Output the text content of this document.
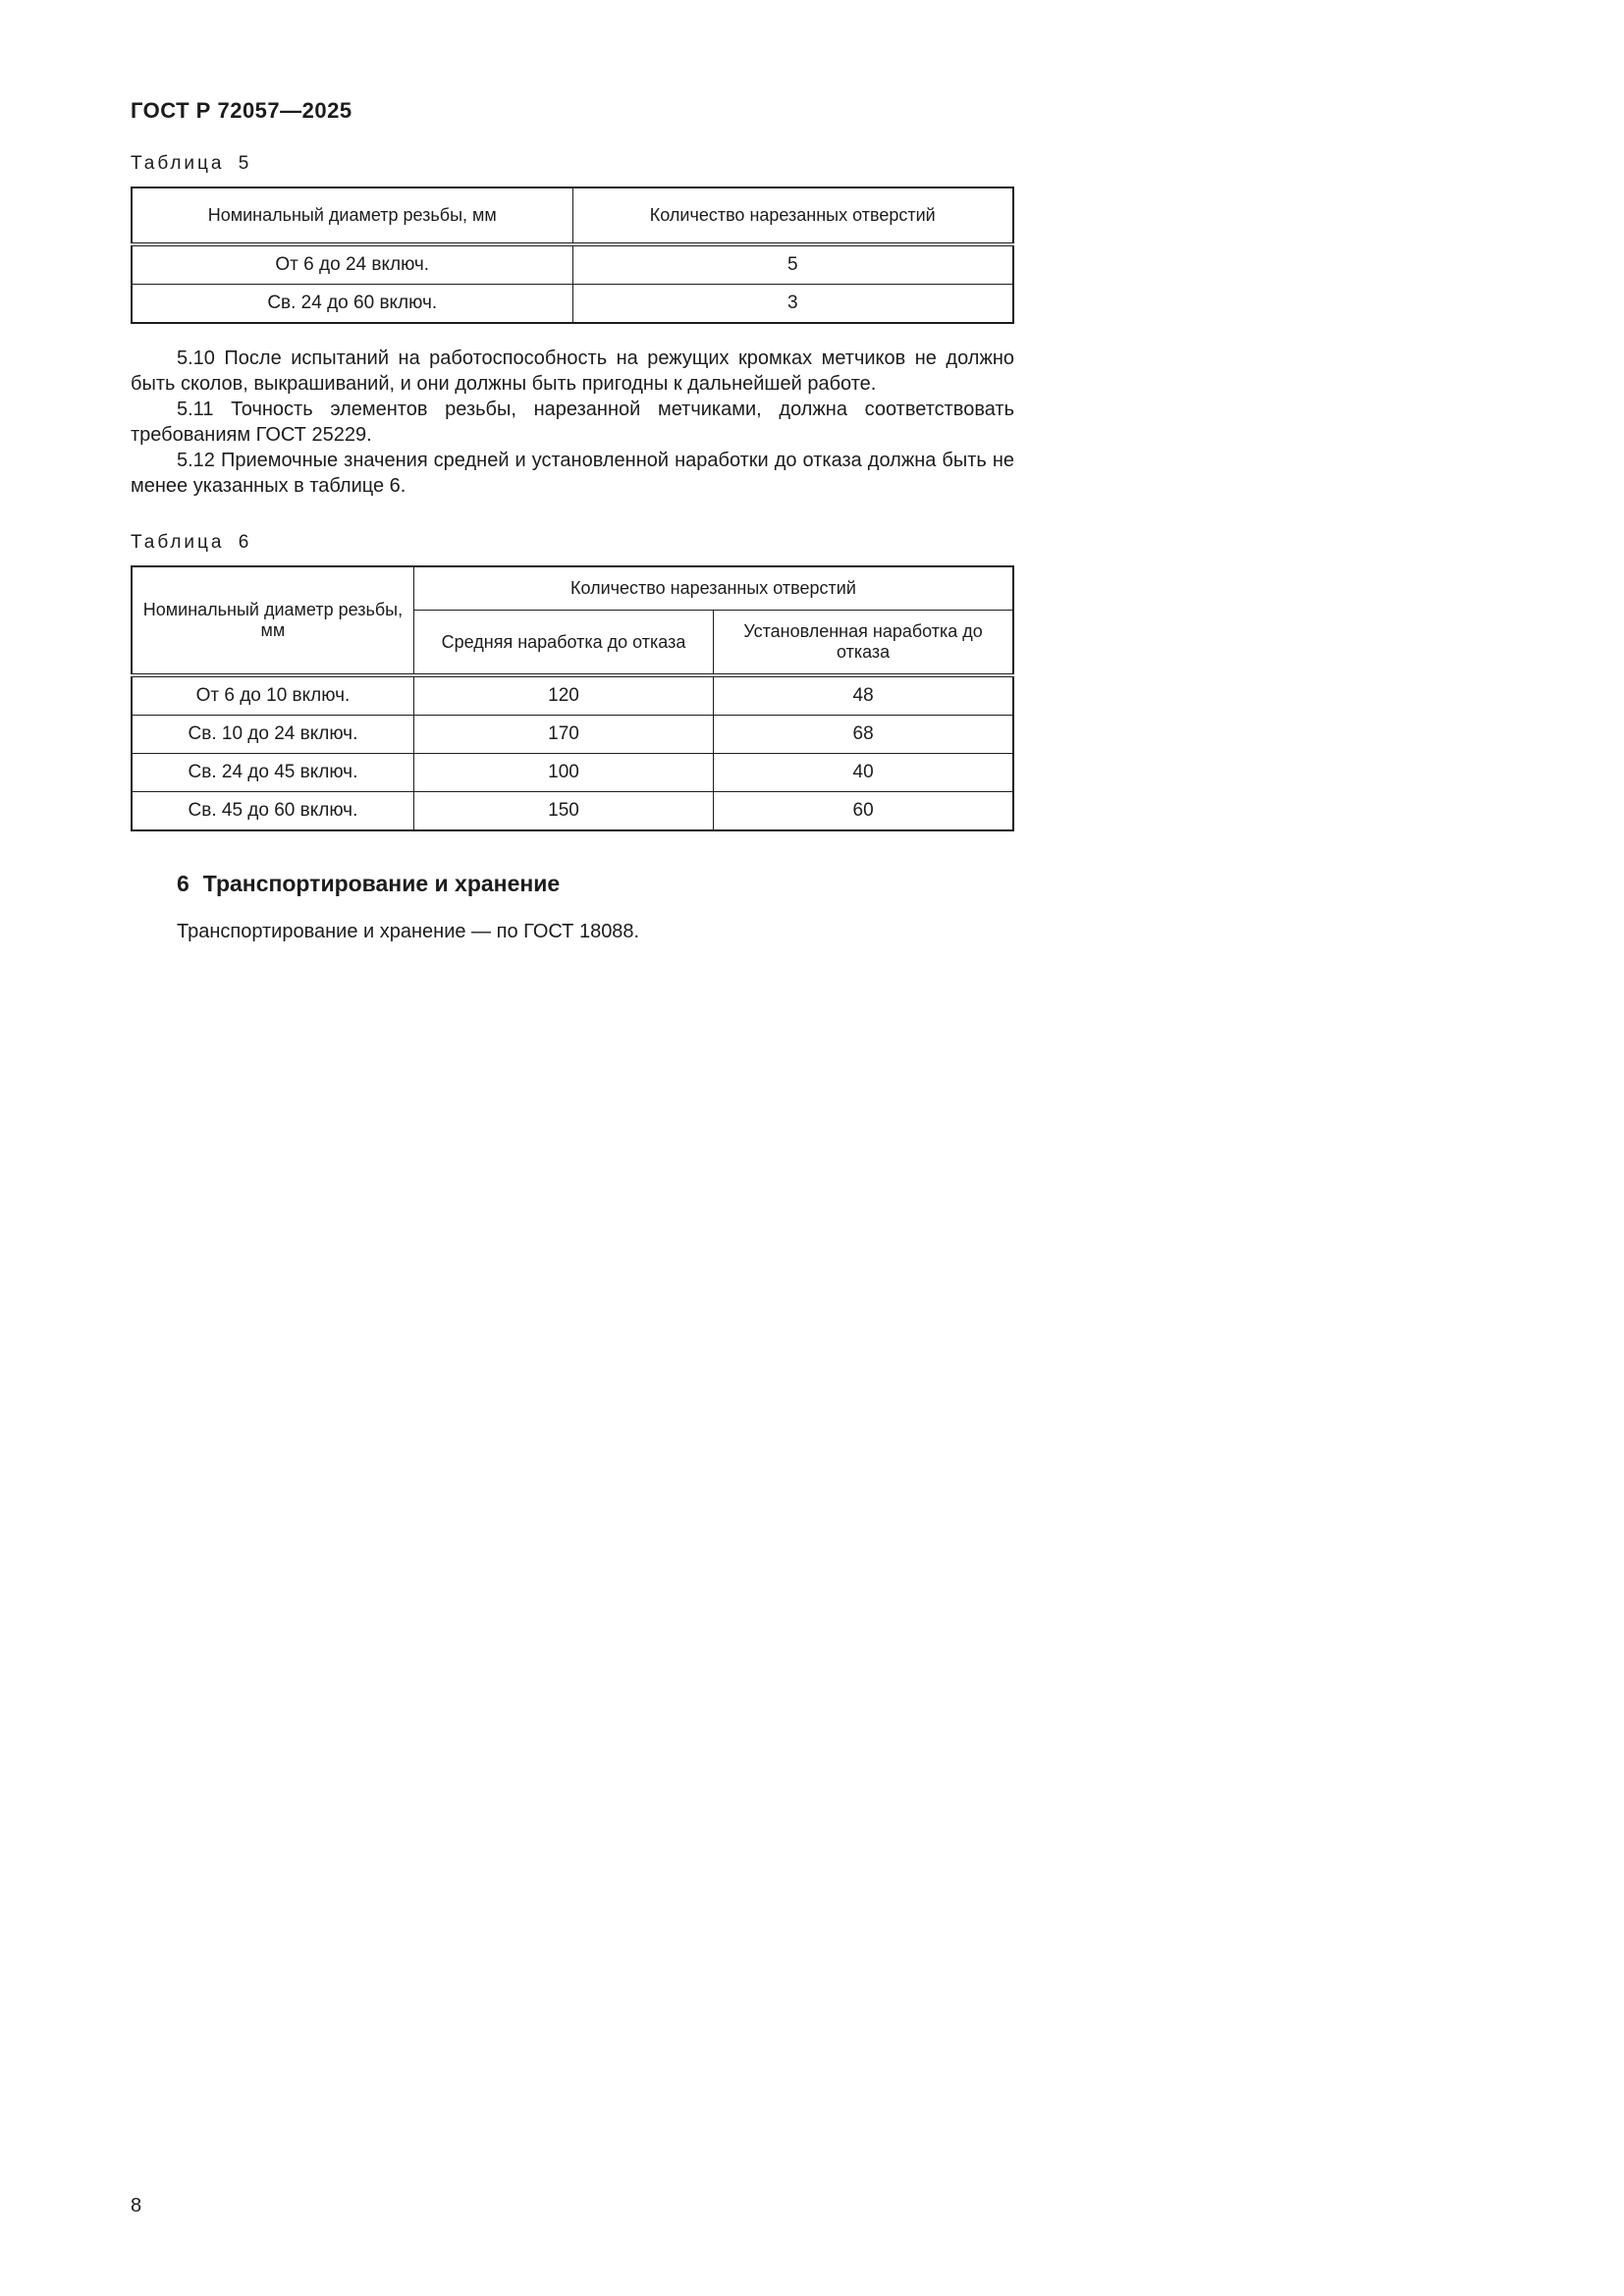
ГОСТ Р 72057—2025
Таблица 5
Номинальный диаметр резьбы, мм	Количество нарезанных отверстий
От 6 до 24 включ.	5
Св. 24 до 60 включ.	3

5.10 После испытаний на работоспособность на режущих кромках метчиков не должно быть сколов, выкрашиваний, и они должны быть пригодны к дальнейшей работе.

5.11 Точность элементов резьбы, нарезанной метчиками, должна соответствовать требованиям ГОСТ 25229.

5.12 Приемочные значения средней и установленной наработки до отказа должна быть не менее указанных в таблице 6.

Таблица 6
Номинальный диаметр резьбы, мм	Количество нарезанных отверстий	
	Средняя наработка до отказа	Установленная наработка до отказа
От 6 до 10 включ.	120	48
Св. 10 до 24 включ.	170	68
Св. 24 до 45 включ.	100	40
Св. 45 до 60 включ.	150	60
6 Транспортирование и хранение

Транспортирование и хранение — по ГОСТ 18088.

8
